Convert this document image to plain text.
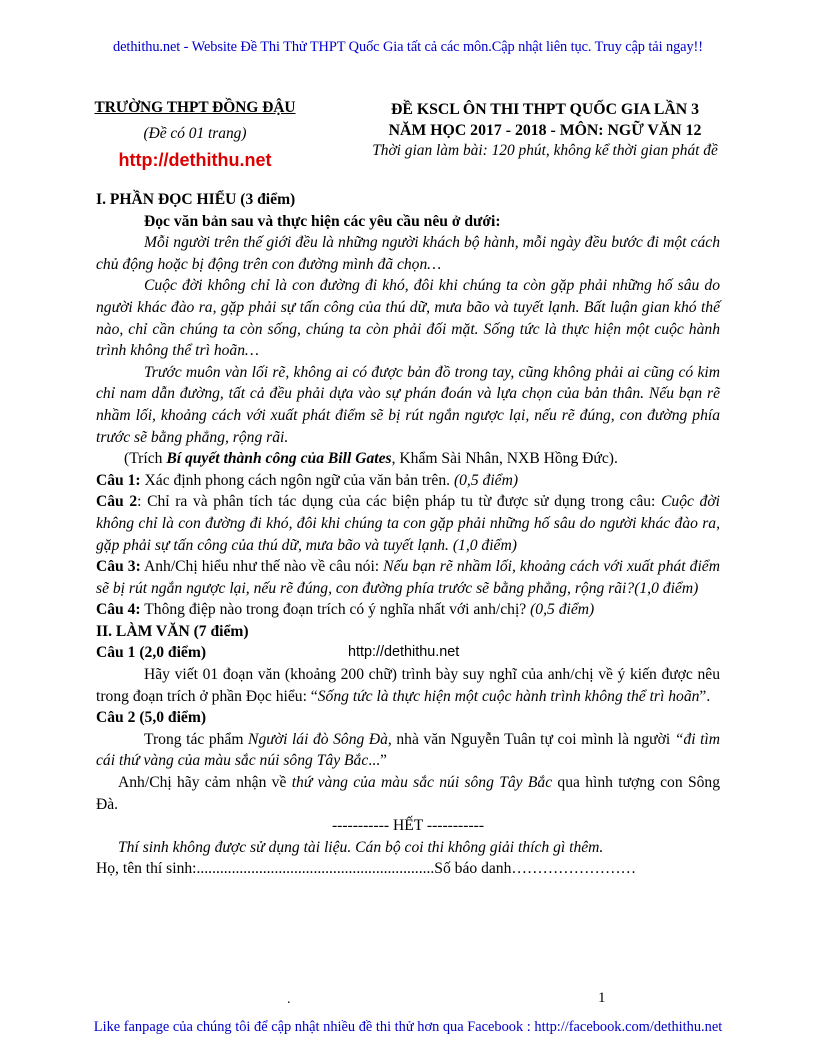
dethithu.net - Website Đề Thi Thử THPT Quốc Gia tất cả các môn.Cập nhật liên tục. Truy cập tải ngay!!
TRƯỜNG THPT ĐỒNG ĐẬU
(Đề có 01 trang)
http://dethithu.net
ĐỀ KSCL ÔN THI THPT QUỐC GIA LẦN 3
NĂM HỌC 2017 - 2018 - MÔN: NGỮ VĂN 12
Thời gian làm bài: 120 phút, không kể thời gian phát đề

I. PHẦN ĐỌC HIỂU (3 điểm)

Đọc văn bản sau và thực hiện các yêu cầu nêu ở dưới:

Mỗi người trên thế giới đều là những người khách bộ hành, mỗi ngày đều bước đi một cách chủ động hoặc bị động trên con đường mình đã chọn…

Cuộc đời không chỉ là con đường đi khó, đôi khi chúng ta còn gặp phải những hố sâu do người khác đào ra, gặp phải sự tấn công của thú dữ, mưa bão và tuyết lạnh. Bất luận gian khó thế nào, chỉ cần chúng ta còn sống, chúng ta còn phải đối mặt. Sống tức là thực hiện một cuộc hành trình không thể trì hoãn…

Trước muôn vàn lối rẽ, không ai có được bản đồ trong tay, cũng không phải ai cũng có kim chỉ nam dẫn đường, tất cả đều phải dựa vào sự phán đoán và lựa chọn của bản thân. Nếu bạn rẽ nhầm lối, khoảng cách với xuất phát điểm sẽ bị rút ngắn ngược lại, nếu rẽ đúng, con đường phía trước sẽ bằng phẳng, rộng rãi.

(Trích Bí quyết thành công của Bill Gates, Khẩm Sài Nhân, NXB Hồng Đức).

Câu 1: Xác định phong cách ngôn ngữ của văn bản trên. (0,5 điểm)

Câu 2: Chỉ ra và phân tích tác dụng của các biện pháp tu từ được sử dụng trong câu: Cuộc đời không chỉ là con đường đi khó, đôi khi chúng ta con gặp phải những hố sâu do người khác đào ra, gặp phải sự tấn công của thú dữ, mưa bão và tuyết lạnh. (1,0 điểm)

Câu 3: Anh/Chị hiểu như thế nào về câu nói: Nếu bạn rẽ nhầm lối, khoảng cách với xuất phát điểm sẽ bị rút ngắn ngược lại, nếu rẽ đúng, con đường phía trước sẽ bằng phẳng, rộng rãi?(1,0 điểm)

Câu 4: Thông điệp nào trong đoạn trích có ý nghĩa nhất với anh/chị? (0,5 điểm)

II. LÀM VĂN (7 điểm)

Câu 1 (2,0 điểm)	http://dethithu.net

Hãy viết 01 đoạn văn (khoảng 200 chữ) trình bày suy nghĩ của anh/chị về ý kiến được nêu trong đoạn trích ở phần Đọc hiểu: “Sống tức là thực hiện một cuộc hành trình không thể trì hoãn”.

Câu 2 (5,0 điểm)

Trong tác phẩm Người lái đò Sông Đà, nhà văn Nguyễn Tuân tự coi mình là người “đi tìm cái thứ vàng của màu sắc núi sông Tây Bắc...”

Anh/Chị hãy cảm nhận về thứ vàng của màu sắc núi sông Tây Bắc qua hình tượng con Sông Đà.

----------- HẾT -----------

Thí sinh không được sử dụng tài liệu. Cán bộ coi thi không giải thích gì thêm.

Họ, tên thí sinh:.............................................................Số báo danh……………………

.	1
Like fanpage của chúng tôi để cập nhật nhiều đề thi thử hơn qua Facebook : http://facebook.com/dethithu.net
